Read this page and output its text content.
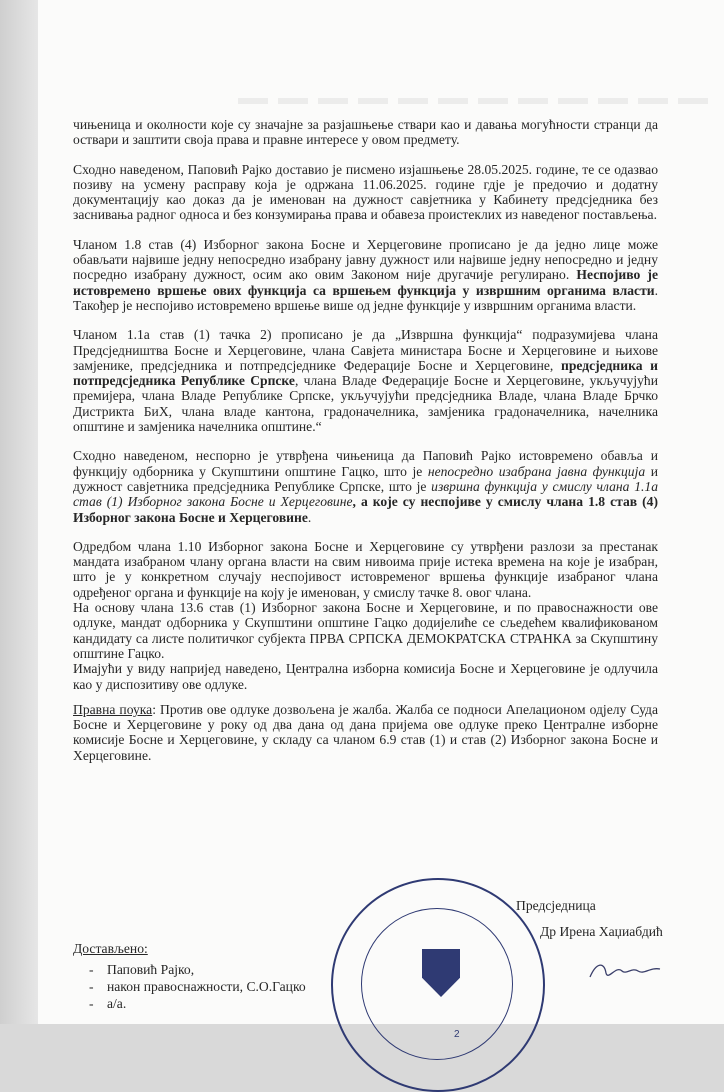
чињеница и околности које су значајне за разјашњење ствари као и давања могућности странци да оствари и заштити своја права и правне интересе у овом предмету.

Сходно наведеном, Паповић Рајко доставио је писмено изјашњење 28.05.2025. године, те се одазвао позиву на усмену расправу која је одржана 11.06.2025. године гдје је предочио и додатну документацију као доказ да је именован на дужност савјетника у Кабинету предсједника без заснивања радног односа и без конзумирања права и обавеза проистеклих из наведеног постављења.

Чланом 1.8 став (4) Изборног закона Босне и Херцеговине прописано је да једно лице може обављати највише једну непосредно изабрану јавну дужност или највише једну непосредно и једну посредно изабрану дужност, осим ако овим Законом није другачије регулирано. Неспојиво је истовремено вршење ових функција са вршењем функција у извршним органима власти. Такођер је неспојиво истовремено вршење више од једне функције у извршним органима власти.

Чланом 1.1а став (1) тачка 2) прописано је да „Извршна функција“ подразумијева члана Предсједништва Босне и Херцеговине, члана Савјета министара Босне и Херцеговине и њихове замјенике, предсједника и потпредсједнике Федерације Босне и Херцеговине, предсједника и потпредсједника Републике Српске, члана Владе Федерације Босне и Херцеговине, укључујући премијера, члана Владе Републике Српске, укључујући предсједника Владе, члана Владе Брчко Дистрикта БиХ, члана владе кантона, градоначелника, замјеника градоначелника, начелника општине и замјеника начелника општине.“

Сходно наведеном, неспорно је утврђена чињеница да Паповић Рајко истовремено обавља и функцију одборника у Скупштини општине Гацко, што је непосредно изабрана јавна функција и дужност савјетника предсједника Републике Српске, што је извршна функција у смислу члана 1.1а став (1) Изборног закона Босне и Херцеговине, а које су неспојиве у смислу члана 1.8 став (4) Изборног закона Босне и Херцеговине.

Одредбом члана 1.10 Изборног закона Босне и Херцеговине су утврђени разлози за престанак мандата изабраном члану органа власти на свим нивоима прије истека времена на које је изабран, што је у конкретном случају неспојивост истовременог вршења функције изабраног члана одређеног органа и функције на коју је именован, у смислу тачке 8. овог члана.

На основу члана 13.6 став (1) Изборног закона Босне и Херцеговине, и по правоснажности ове одлуке, мандат одборника у Скупштини општине Гацко додијелиће се сљедећем квалификованом кандидату са листе политичког субјекта ПРВА СРПСКА ДЕМОКРАТСКА СТРАНКА за Скупштину општине Гацко.

Имајући у виду напријед наведено, Централна изборна комисија Босне и Херцеговине је одлучила као у диспозитиву ове одлуке.

Правна поука: Против ове одлуке дозвољена је жалба. Жалба се подноси Апелационом одјелу Суда Босне и Херцеговине у року од два дана од дана пријема ове одлуке преко Централне изборне комисије Босне и Херцеговине, у складу са чланом 6.9 став (1) и став (2) Изборног закона Босне и Херцеговине.

2
Предсједница
Др Ирена Хаџиабдић
Достављено:
- Паповић Рајко,
- након правоснажности, С.О.Гацко
- а/а.
